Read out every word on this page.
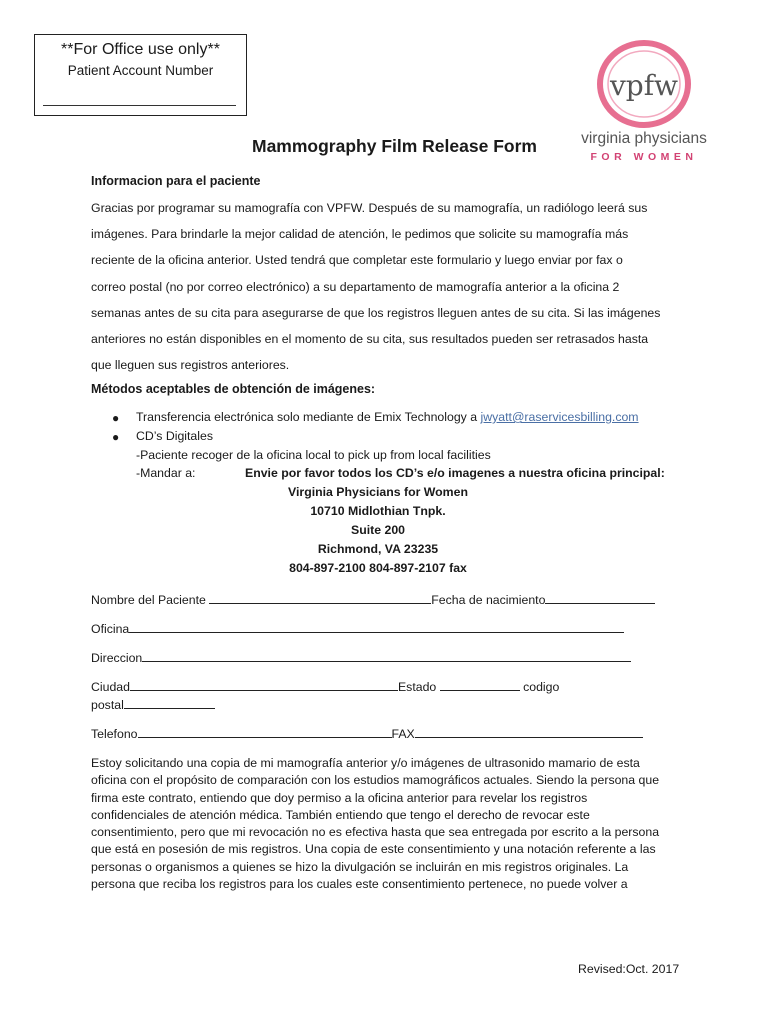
**For Office use only**
Patient Account Number	vpfw
virginia physicians
FOR WOMEN
Mammography Film Release Form
Informacion para el paciente

Gracias por programar su mamografía con VPFW. Después de su mamografía, un radiólogo leerá sus

imágenes. Para brindarle la mejor calidad de atención, le pedimos que solicite su mamografía más

reciente de la oficina anterior. Usted tendrá que completar este formulario y luego enviar por fax o

correo postal (no por correo electrónico) a su departamento de mamografía anterior a la oficina 2

semanas antes de su cita para asegurarse de que los registros lleguen antes de su cita. Si las imágenes

anteriores no están disponibles en el momento de su cita, sus resultados pueden ser retrasados hasta

que lleguen sus registros anteriores.

Métodos aceptables de obtención de imágenes:
● Transferencia electrónica solo mediante de Emix Technology a jwyatt@raservicesbilling.com
● CD’s Digitales
-Paciente recoger de la oficina local to pick up from local facilities
-Mandar a:	Envie por favor todos los CD’s e/o imagenes a nuestra oficina principal:
Virginia Physicians for Women
10710 Midlothian Tnpk.
Suite 200
Richmond, VA 23235
804-897-2100 804-897-2107 fax
Nombre del Paciente	Fecha de nacimiento
Oficina
Direccion
Ciudad	Estado	codigo
postal
Telefono	FAX

Estoy solicitando una copia de mi mamografía anterior y/o imágenes de ultrasonido mamario de esta

oficina con el propósito de comparación con los estudios mamográficos actuales. Siendo la persona que

firma este contrato, entiendo que doy permiso a la oficina anterior para revelar los registros

confidenciales de atención médica. También entiendo que tengo el derecho de revocar este

consentimiento, pero que mi revocación no es efectiva hasta que sea entregada por escrito a la persona

que está en posesión de mis registros. Una copia de este consentimiento y una notación referente a las

personas o organismos a quienes se hizo la divulgación se incluirán en mis registros originales. La

persona que reciba los registros para los cuales este consentimiento pertenece, no puede volver a

Revised:Oct. 2017
